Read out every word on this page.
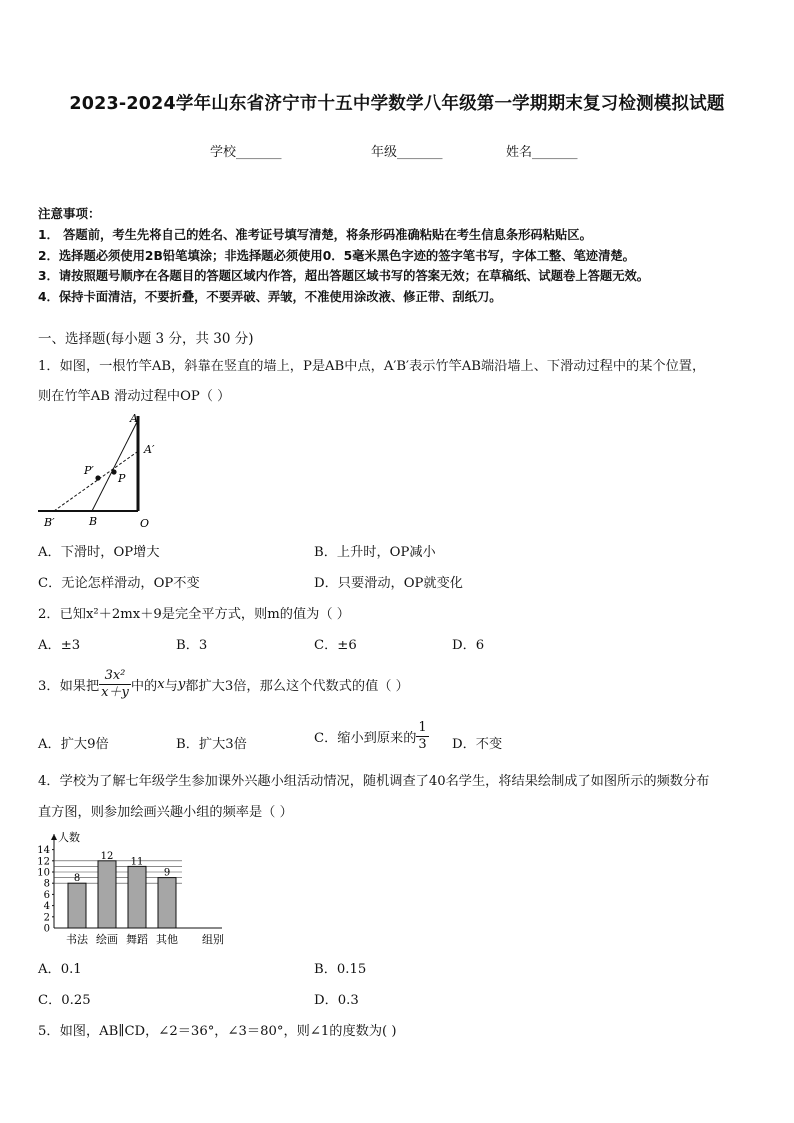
2023-2024学年山东省济宁市十五中学数学八年级第一学期期末复习检测模拟试题
学校_______	年级_______	姓名_______
注意事项：
1． 答题前，考生先将自己的姓名、准考证号填写清楚，将条形码准确粘贴在考生信息条形码粘贴区。
2．选择题必须使用2B铅笔填涂；非选择题必须使用0．5毫米黑色字迹的签字笔书写，字体工整、笔迹清楚。
3．请按照题号顺序在各题目的答题区域内作答，超出答题区域书写的答案无效；在草稿纸、试题卷上答题无效。
4．保持卡面清洁，不要折叠，不要弄破、弄皱，不准使用涂改液、修正带、刮纸刀。
一、选择题(每小题 3 分，共 30 分)
1．如图，一根竹竿AB，斜靠在竖直的墙上，P是AB中点，A′B′表示竹竿AB端沿墙上、下滑动过程中的某个位置，
则在竹竿AB 滑动过程中OP（ ）
A
A′
P′
P
B′	B	O
A．下滑时，OP增大	B．上升时，OP减小
C．无论怎样滑动，OP不变	D．只要滑动，OP就变化
2．已知x²＋2mx＋9是完全平方式，则m的值为（ ）
A．±3	B．3	C．±6	D．6
3．如果把 $\frac{\text{3x²}}{x+y}$ 中的 x 与 y 都扩大3倍，那么这个代数式的值（ ）
A．扩大9倍	B．扩大3倍	C．缩小到原来的 $\frac{1}{3}$ D．不变
4．学校为了解七年级学生参加课外兴趣小组活动情况，随机调查了40名学生，将结果绘制成了如图所示的频数分布
直方图，则参加绘画兴趣小组的频率是（ ）
人数
组别
0
2
4
6
8
10
12
14
8
12
11
9
书法 绘画 舞蹈 其他
A．0.1	B．0.15
C．0.25	D．0.3
5．如图，AB∥CD，∠2＝36°，∠3＝80°，则∠1的度数为( )
